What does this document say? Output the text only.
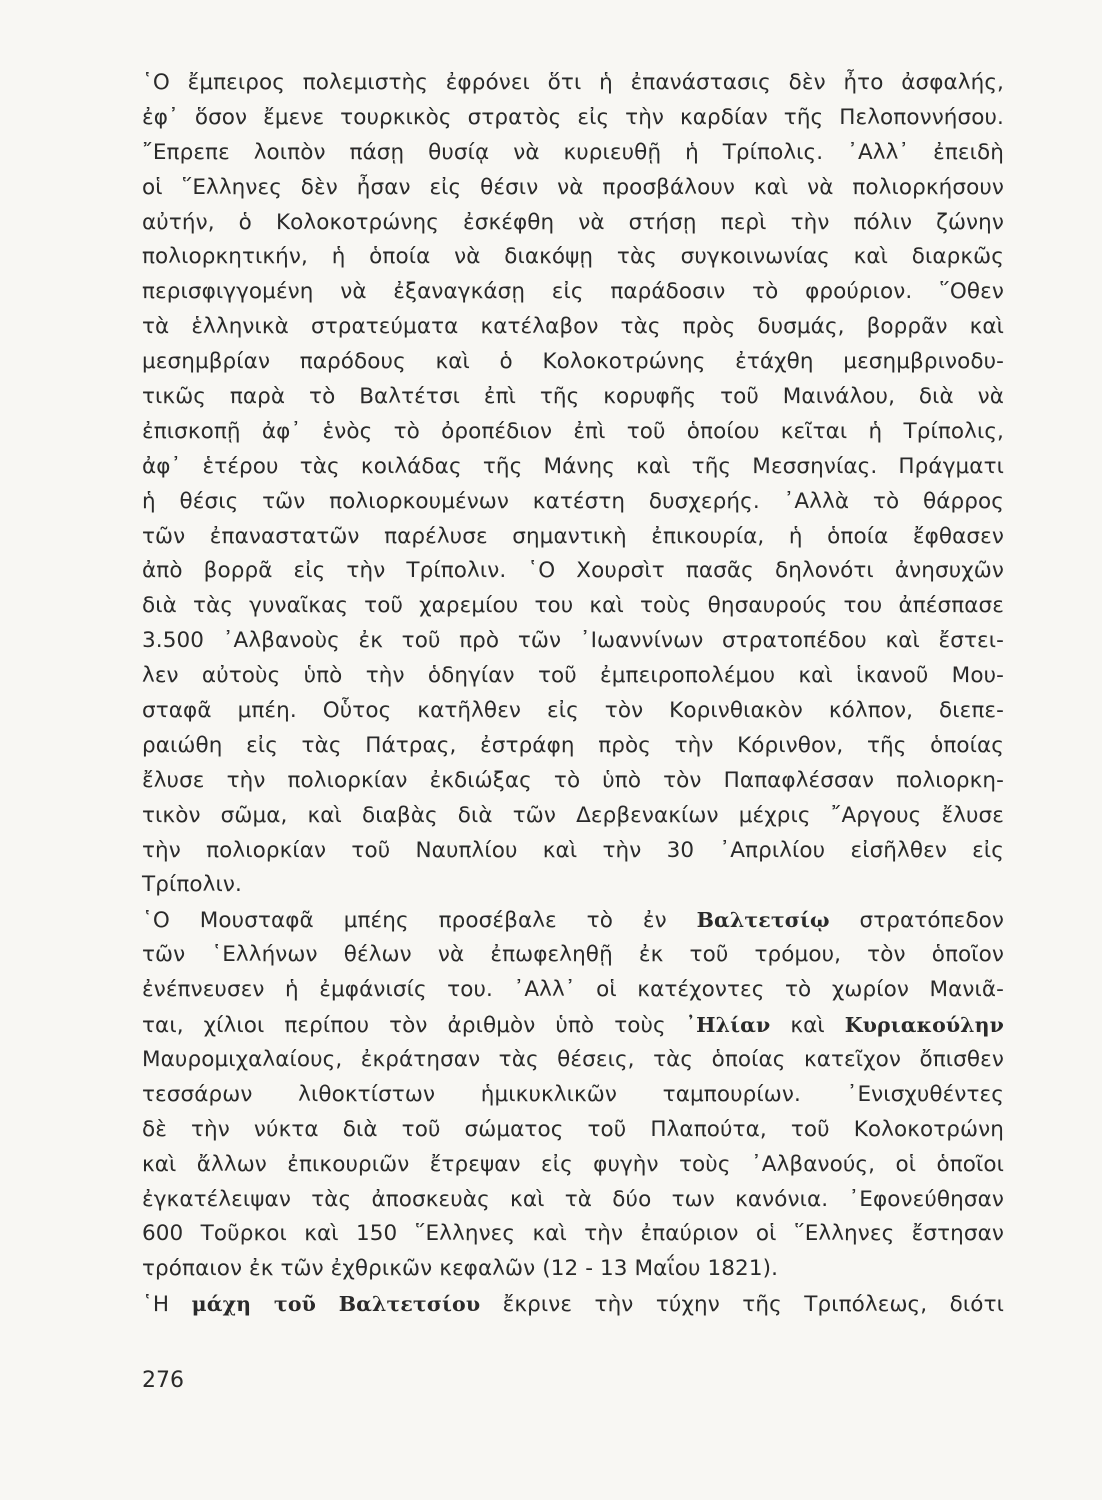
῾Ο ἔμπειρος πολεμιστὴς ἐφρόνει ὅτι ἡ ἐπανάστασις δὲν ἦτο ἀσφαλής,
ἐφ᾽ ὅσον ἔμενε τουρκικὸς στρατὸς εἰς τὴν καρδίαν τῆς Πελοποννήσου.
῎Επρεπε λοιπὸν πάσῃ θυσίᾳ νὰ κυριευθῇ ἡ Τρίπολις. ᾿Αλλ᾽ ἐπειδὴ
οἱ ῞Ελληνες δὲν ἦσαν εἰς θέσιν νὰ προσβάλουν καὶ νὰ πολιορκήσουν
αὐτήν, ὁ Κολοκοτρώνης ἐσκέφθη νὰ στήσῃ περὶ τὴν πόλιν ζώνην
πολιορκητικήν, ἡ ὁποία νὰ διακόψῃ τὰς συγκοινωνίας καὶ διαρκῶς
περισφιγγομένη νὰ ἐξαναγκάσῃ εἰς παράδοσιν τὸ φρούριον. ῞Οθεν
τὰ ἑλληνικὰ στρατεύματα κατέλαβον τὰς πρὸς δυσμάς, βορρᾶν καὶ
μεσημβρίαν παρόδους καὶ ὁ Κολοκοτρώνης ἐτάχθη μεσημβρινοδυ-
τικῶς παρὰ τὸ Βαλτέτσι ἐπὶ τῆς κορυφῆς τοῦ Μαινάλου, διὰ νὰ
ἐπισκοπῇ ἀφ᾽ ἑνὸς τὸ ὀροπέδιον ἐπὶ τοῦ ὁποίου κεῖται ἡ Τρίπολις,
ἀφ᾽ ἑτέρου τὰς κοιλάδας τῆς Μάνης καὶ τῆς Μεσσηνίας. Πράγματι
ἡ θέσις τῶν πολιορκουμένων κατέστη δυσχερής. ᾿Αλλὰ τὸ θάρρος
τῶν ἐπαναστατῶν παρέλυσε σημαντικὴ ἐπικουρία, ἡ ὁποία ἔφθασεν
ἀπὸ βορρᾶ εἰς τὴν Τρίπολιν. ῾Ο Χουρσὶτ πασᾶς δηλονότι ἀνησυχῶν
διὰ τὰς γυναῖκας τοῦ χαρεμίου του καὶ τοὺς θησαυρούς του ἀπέσπασε
3.500 ᾿Αλβανοὺς ἐκ τοῦ πρὸ τῶν ᾿Ιωαννίνων στρατοπέδου καὶ ἔστει-
λεν αὐτοὺς ὑπὸ τὴν ὁδηγίαν τοῦ ἐμπειροπολέμου καὶ ἱκανοῦ Μου-
σταφᾶ μπέη. Οὗτος κατῆλθεν εἰς τὸν Κορινθιακὸν κόλπον, διεπε-
ραιώθη εἰς τὰς Πάτρας, ἐστράφη πρὸς τὴν Κόρινθον, τῆς ὁποίας
ἔλυσε τὴν πολιορκίαν ἐκδιώξας τὸ ὑπὸ τὸν Παπαφλέσσαν πολιορκη-
τικὸν σῶμα, καὶ διαβὰς διὰ τῶν Δερβενακίων μέχρις ῎Αργους ἔλυσε
τὴν πολιορκίαν τοῦ Ναυπλίου καὶ τὴν 30 ᾿Απριλίου εἰσῆλθεν εἰς
Τρίπολιν.
῾Ο Μουσταφᾶ μπέης προσέβαλε τὸ ἐν Βαλτετσίῳ στρατόπεδον
τῶν ῾Ελλήνων θέλων νὰ ἐπωφεληθῇ ἐκ τοῦ τρόμου, τὸν ὁποῖον
ἐνέπνευσεν ἡ ἐμφάνισίς του. ᾿Αλλ᾽ οἱ κατέχοντες τὸ χωρίον Μανιᾶ-
ται, χίλιοι περίπου τὸν ἀριθμὸν ὑπὸ τοὺς ᾿Ηλίαν καὶ Κυριακούλην
Μαυρομιχαλαίους, ἐκράτησαν τὰς θέσεις, τὰς ὁποίας κατεῖχον ὄπισθεν
τεσσάρων λιθοκτίστων ἡμικυκλικῶν ταμπουρίων. ᾿Ενισχυθέντες
δὲ τὴν νύκτα διὰ τοῦ σώματος τοῦ Πλαπούτα, τοῦ Κολοκοτρώνη
καὶ ἄλλων ἐπικουριῶν ἔτρεψαν εἰς φυγὴν τοὺς ᾿Αλβανούς, οἱ ὁποῖοι
ἐγκατέλειψαν τὰς ἀποσκευὰς καὶ τὰ δύο των κανόνια. ᾿Εφονεύθησαν
600 Τοῦρκοι καὶ 150 ῞Ελληνες καὶ τὴν ἐπαύριον οἱ ῞Ελληνες ἔστησαν
τρόπαιον ἐκ τῶν ἐχθρικῶν κεφαλῶν (12 - 13 Μαΐου 1821).
῾Η μάχη τοῦ Βαλτετσίου ἔκρινε τὴν τύχην τῆς Τριπόλεως, διότι
276
